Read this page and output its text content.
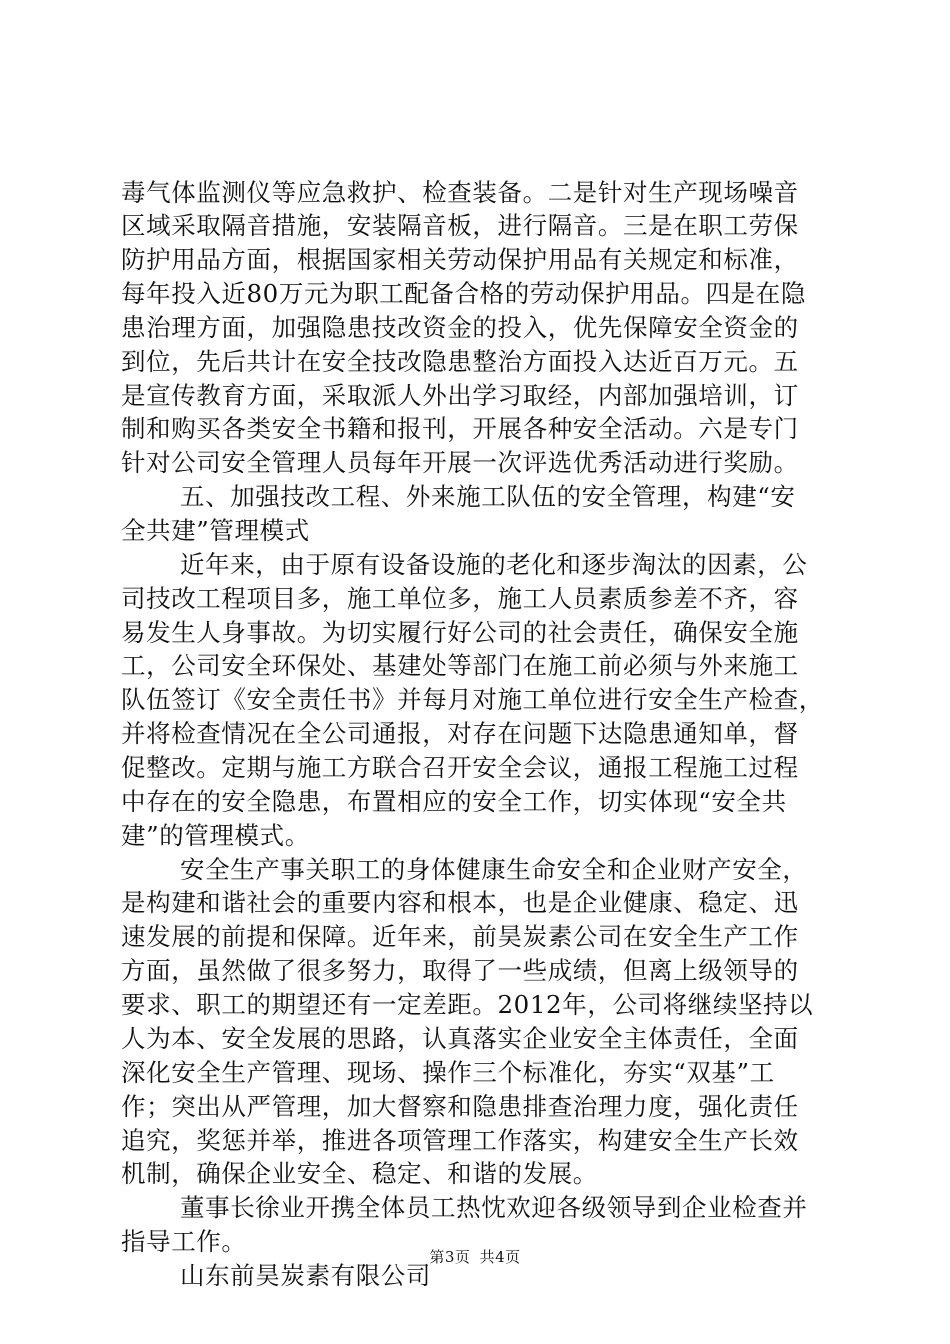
毒气体监测仪等应急救护、检查装备。二是针对生产现场噪音
区域采取隔音措施，安装隔音板，进行隔音。三是在职工劳保
防护用品方面，根据国家相关劳动保护用品有关规定和标准，
每年投入近80万元为职工配备合格的劳动保护用品。四是在隐
患治理方面，加强隐患技改资金的投入，优先保障安全资金的
到位，先后共计在安全技改隐患整治方面投入达近百万元。五
是宣传教育方面，采取派人外出学习取经，内部加强培训，订
制和购买各类安全书籍和报刊，开展各种安全活动。六是专门
针对公司安全管理人员每年开展一次评选优秀活动进行奖励。
五、加强技改工程、外来施工队伍的安全管理，构建“安
全共建”管理模式
近年来，由于原有设备设施的老化和逐步淘汰的因素，公
司技改工程项目多，施工单位多，施工人员素质参差不齐，容
易发生人身事故。为切实履行好公司的社会责任，确保安全施
工，公司安全环保处、基建处等部门在施工前必须与外来施工
队伍签订《安全责任书》并每月对施工单位进行安全生产检查，
并将检查情况在全公司通报，对存在问题下达隐患通知单，督
促整改。定期与施工方联合召开安全会议，通报工程施工过程
中存在的安全隐患，布置相应的安全工作，切实体现“安全共
建”的管理模式。
安全生产事关职工的身体健康生命安全和企业财产安全，
是构建和谐社会的重要内容和根本，也是企业健康、稳定、迅
速发展的前提和保障。近年来，前昊炭素公司在安全生产工作
方面，虽然做了很多努力，取得了一些成绩，但离上级领导的
要求、职工的期望还有一定差距。2012年，公司将继续坚持以
人为本、安全发展的思路，认真落实企业安全主体责任，全面
深化安全生产管理、现场、操作三个标准化，夯实“双基”工
作；突出从严管理，加大督察和隐患排查治理力度，强化责任
追究，奖惩并举，推进各项管理工作落实，构建安全生产长效
机制，确保企业安全、稳定、和谐的发展。
董事长徐业开携全体员工热忱欢迎各级领导到企业检查并
指导工作。
山东前昊炭素有限公司
第3页 共4页
